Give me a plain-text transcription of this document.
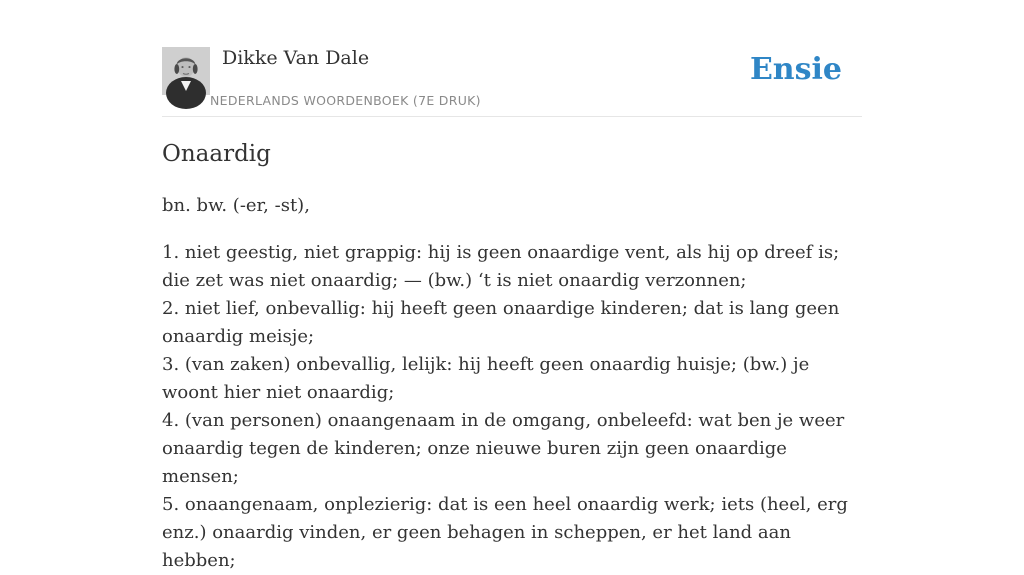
Dikke Van Dale
NEDERLANDS WOORDENBOEK (7E DRUK)
Ensie
Onaardig

bn. bw. (-er, -st),

1. niet geestig, niet grappig: hij is geen onaardige vent, als hij op dreef is; die zet was niet onaardig; — (bw.) ‘t is niet onaardig verzonnen;
2. niet lief, onbevallig: hij heeft geen onaardige kinderen; dat is lang geen onaardig meisje;
3. (van zaken) onbevallig, lelijk: hij heeft geen onaardig huisje; (bw.) je woont hier niet onaardig;
4. (van personen) onaangenaam in de omgang, onbeleefd: wat ben je weer onaardig tegen de kinderen; onze nieuwe buren zijn geen onaardige mensen;
5. onaangenaam, onplezierig: dat is een heel onaardig werk; iets (heel, erg enz.) onaardig vinden, er geen behagen in scheppen, er het land aan hebben;
